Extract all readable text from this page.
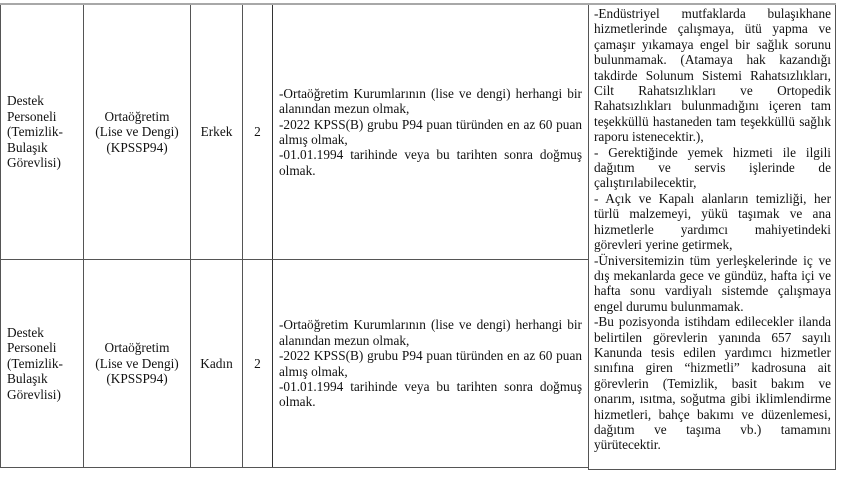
Destek
Personeli
(Temizlik-
Bulaşık
Görevlisi)
Ortaöğretim
(Lise ve Dengi)
(KPSSP94)
Erkek 2
-Ortaöğretim Kurumlarının (lise ve dengi) herhangi bir alanından mezun olmak,
-2022 KPSS(B) grubu P94 puan türünden en az 60 puan almış olmak,
-01.01.1994 tarihinde veya bu tarihten sonra doğmuş olmak.
Destek
Personeli
(Temizlik-
Bulaşık
Görevlisi)
Ortaöğretim
(Lise ve Dengi)
(KPSSP94)
Kadın 2
-Ortaöğretim Kurumlarının (lise ve dengi) herhangi bir alanından mezun olmak,
-2022 KPSS(B) grubu P94 puan türünden en az 60 puan almış olmak,
-01.01.1994 tarihinde veya bu tarihten sonra doğmuş olmak.

-Endüstriyel mutfaklarda bulaşıkhane hizmetlerinde çalışmaya, ütü yapma ve çamaşır yıkamaya engel bir sağlık sorunu bulunmamak. (Atamaya hak kazandığı takdirde Solunum Sistemi Rahatsızlıkları, Cilt Rahatsızlıkları ve Ortopedik Rahatsızlıkları bulunmadığını içeren tam teşekküllü hastaneden tam teşekküllü sağlık raporu istenecektir.),

- Gerektiğinde yemek hizmeti ile ilgili dağıtım ve servis işlerinde de çalıştırılabilecektir,

- Açık ve Kapalı alanların temizliği, her türlü malzemeyi, yükü taşımak ve ana hizmetlerle yardımcı mahiyetindeki görevleri yerine getirmek,

-Üniversitemizin tüm yerleşkelerinde iç ve dış mekanlarda gece ve gündüz, hafta içi ve hafta sonu vardiyalı sistemde çalışmaya engel durumu bulunmamak.

-Bu pozisyonda istihdam edilecekler ilanda belirtilen görevlerin yanında 657 sayılı Kanunda tesis edilen yardımcı hizmetler sınıfına giren “hizmetli” kadrosuna ait görevlerin (Temizlik, basit bakım ve onarım, ısıtma, soğutma gibi iklimlendirme hizmetleri, bahçe bakımı ve düzenlemesi, dağıtım ve taşıma vb.) tamamını yürütecektir.
